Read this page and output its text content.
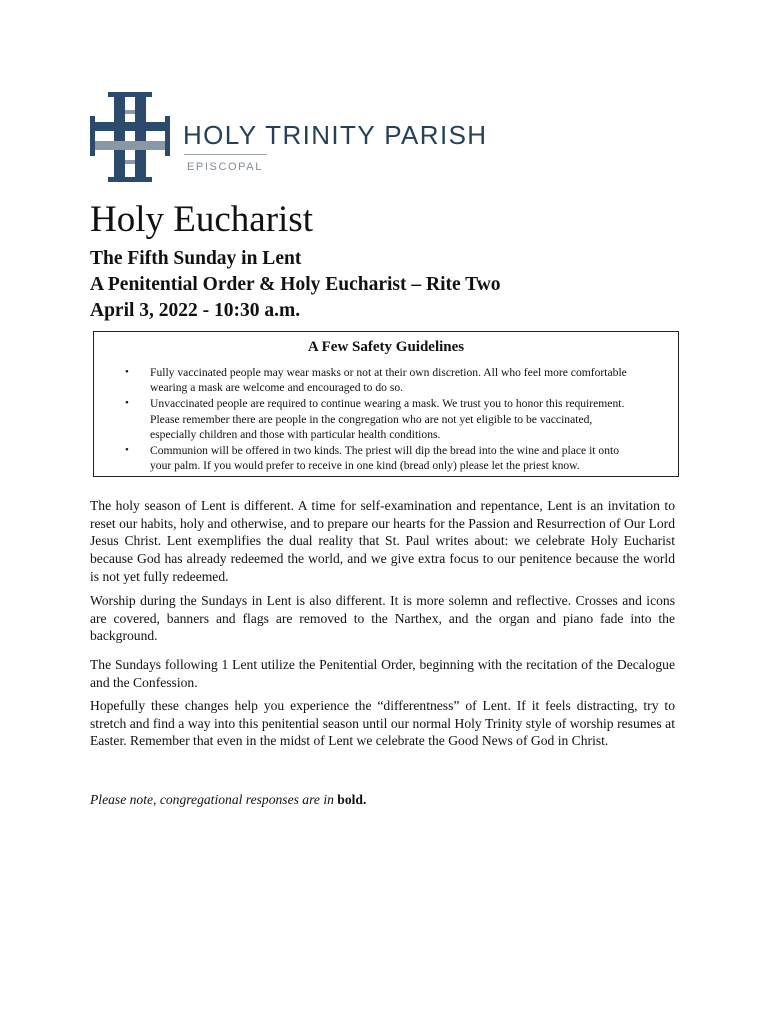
HOLY TRINITY PARISH
EPISCOPAL
Holy Eucharist
The Fifth Sunday in Lent
A Penitential Order & Holy Eucharist – Rite Two
April 3, 2022 - 10:30 a.m.
A Few Safety Guidelines
• Fully vaccinated people may wear masks or not at their own discretion. All who feel more comfortable wearing a mask are welcome and encouraged to do so.
• Unvaccinated people are required to continue wearing a mask. We trust you to honor this requirement. Please remember there are people in the congregation who are not yet eligible to be vaccinated, especially children and those with particular health conditions.
• Communion will be offered in two kinds. The priest will dip the bread into the wine and place it onto your palm. If you would prefer to receive in one kind (bread only) please let the priest know.

The holy season of Lent is different. A time for self-examination and repentance, Lent is an invitation to reset our habits, holy and otherwise, and to prepare our hearts for the Passion and Resurrection of Our Lord Jesus Christ. Lent exemplifies the dual reality that St. Paul writes about: we celebrate Holy Eucharist because God has already redeemed the world, and we give extra focus to our penitence because the world is not yet fully redeemed.

Worship during the Sundays in Lent is also different. It is more solemn and reflective. Crosses and icons are covered, banners and flags are removed to the Narthex, and the organ and piano fade into the background.

The Sundays following 1 Lent utilize the Penitential Order, beginning with the recitation of the Decalogue and the Confession.

Hopefully these changes help you experience the “differentness” of Lent. If it feels distracting, try to stretch and find a way into this penitential season until our normal Holy Trinity style of worship resumes at Easter. Remember that even in the midst of Lent we celebrate the Good News of God in Christ.

Please note, congregational responses are in bold.
